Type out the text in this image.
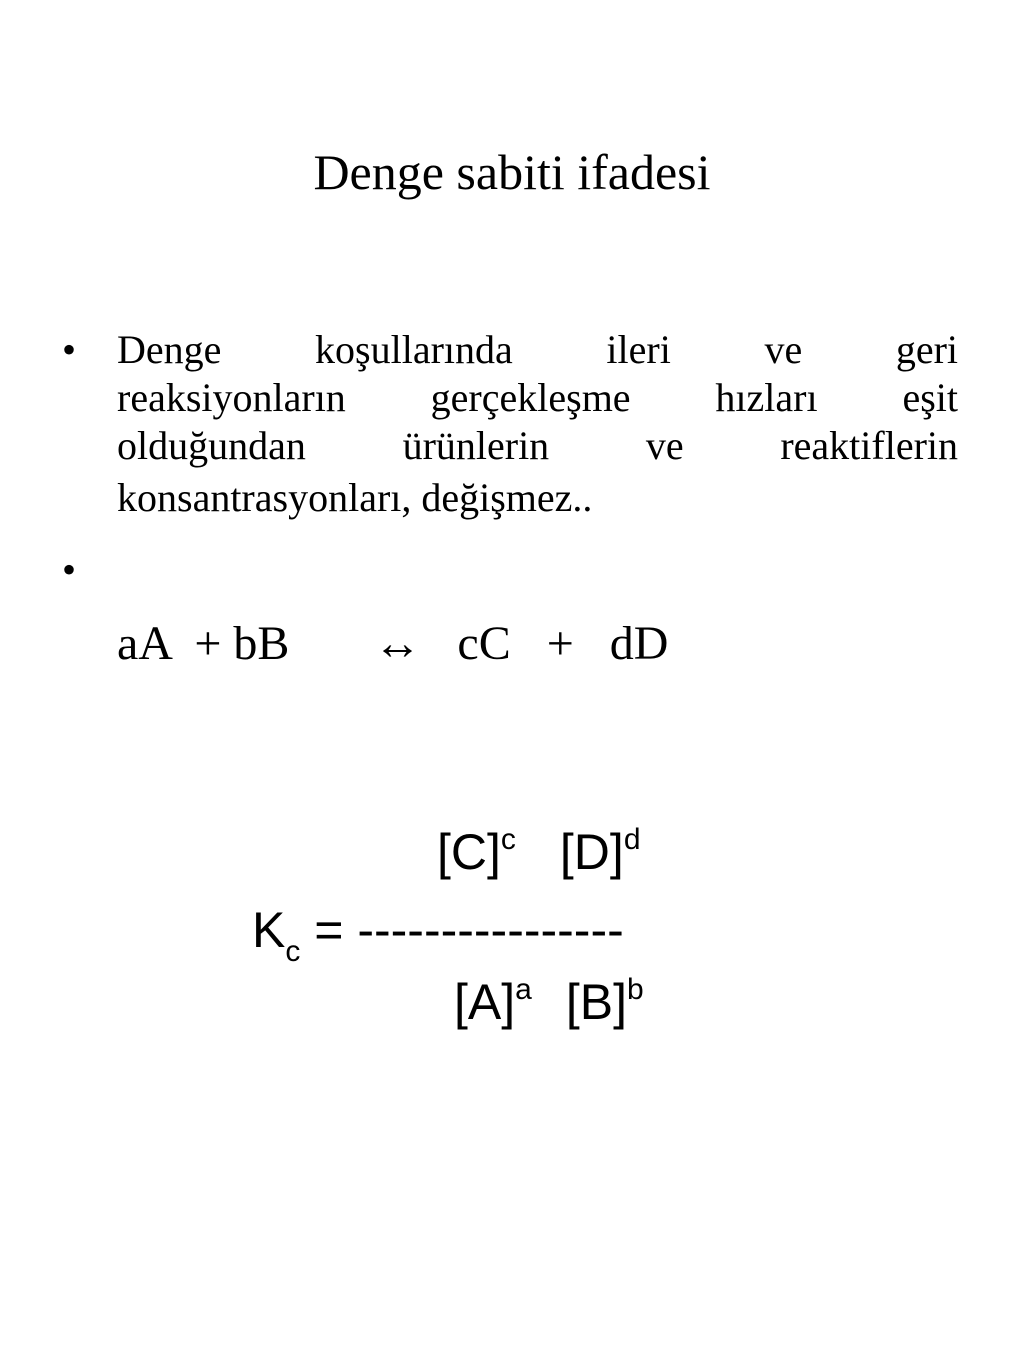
Denge sabiti ifadesi
• Denge koşullarında ileri ve geri
reaksiyonların gerçekleşme hızları eşit
olduğundan ürünlerin ve reaktiflerin
konsantrasyonları, değişmez..
•
aA  + bB       ↔   cC   +   dD
$[C]^c$ $[D]^d$
$K_c$ = ----------------
$[A]^a$ $[B]^b$
